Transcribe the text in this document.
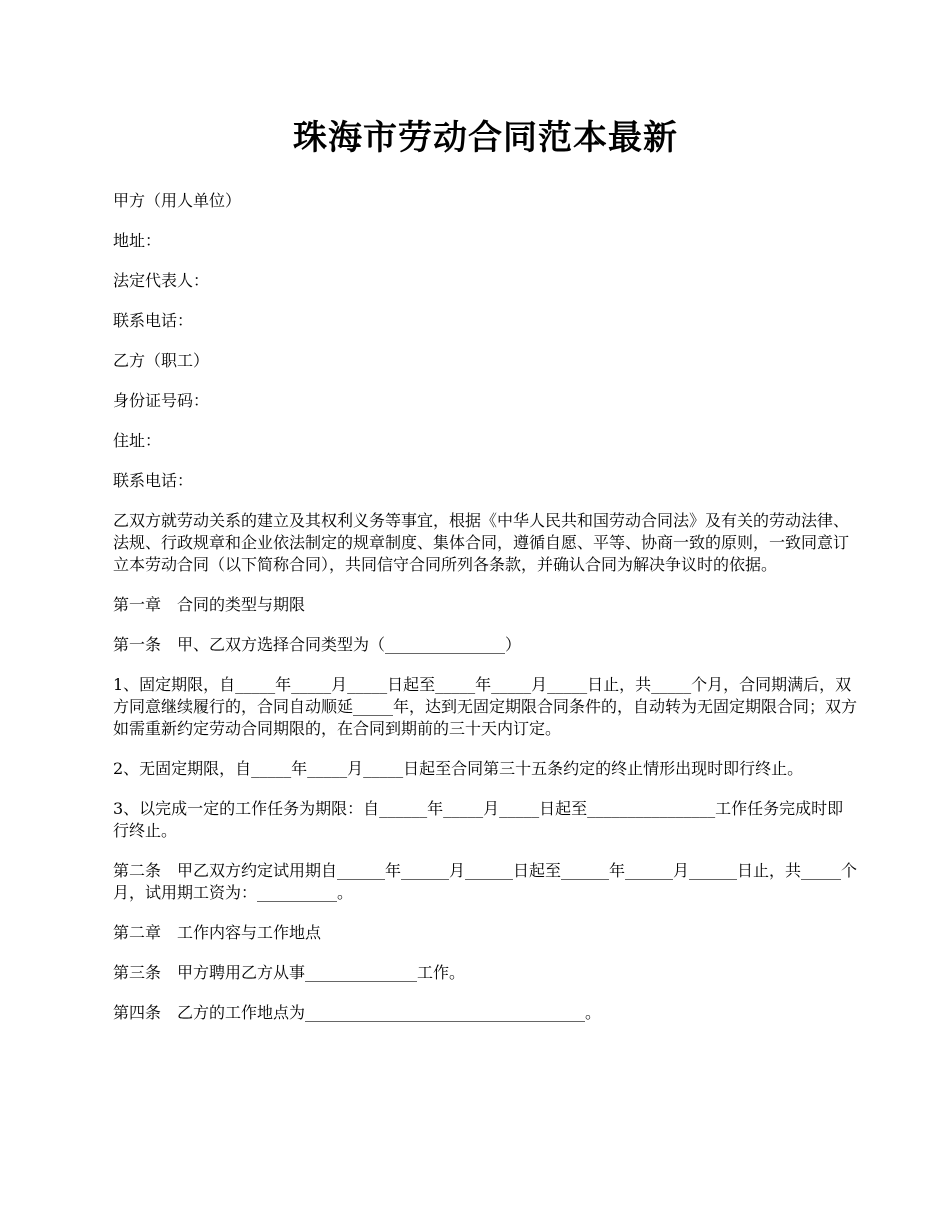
珠海市劳动合同范本最新

甲方（用人单位）

地址：

法定代表人：

联系电话：

乙方（职工）

身份证号码：

住址：

联系电话：

乙双方就劳动关系的建立及其权利义务等事宜，根据《中华人民共和国劳动合同法》及有关的劳动法律、法规、行政规章和企业依法制定的规章制度、集体合同，遵循自愿、平等、协商一致的原则，一致同意订立本劳动合同（以下简称合同），共同信守合同所列各条款，并确认合同为解决争议时的依据。

第一章　合同的类型与期限

第一条　甲、乙双方选择合同类型为（_______________）

1、固定期限，自_____年_____月_____日起至_____年_____月_____日止，共_____个月，合同期满后，双方同意继续履行的，合同自动顺延_____年，达到无固定期限合同条件的，自动转为无固定期限合同；双方如需重新约定劳动合同期限的，在合同到期前的三十天内订定。

2、无固定期限，自_____年_____月_____日起至合同第三十五条约定的终止情形出现时即行终止。

3、以完成一定的工作任务为期限：自______年_____月_____日起至________________工作任务完成时即行终止。

第二条　甲乙双方约定试用期自______年______月______日起至______年______月______日止，共_____个月，试用期工资为：__________。

第二章　工作内容与工作地点

第三条　甲方聘用乙方从事______________工作。

第四条　乙方的工作地点为___________________________________。
